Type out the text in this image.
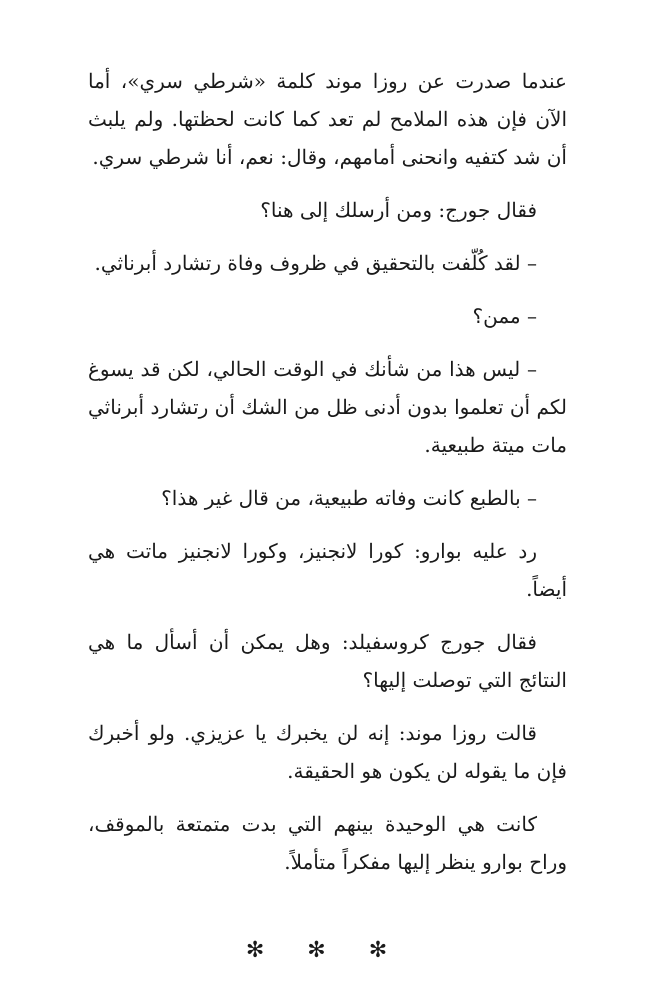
عندما صدرت عن روزا موند كلمة «شرطي سري»، أما الآن فإن هذه الملامح لم تعد كما كانت لحظتها. ولم يلبث أن شد كتفيه وانحنى أمامهم، وقال: نعم، أنا شرطي سري.

فقال جورج: ومن أرسلك إلى هنا؟

– لقد كُلّفت بالتحقيق في ظروف وفاة رتشارد أبرناثي.

– ممن؟

– ليس هذا من شأنك في الوقت الحالي، لكن قد يسوغ لكم أن تعلموا بدون أدنى ظل من الشك أن رتشارد أبرناثي مات ميتة طبيعية.

– بالطبع كانت وفاته طبيعية، من قال غير هذا؟

رد عليه بوارو: كورا لانجنيز، وكورا لانجنيز ماتت هي أيضاً.

فقال جورج كروسفيلد: وهل يمكن أن أسأل ما هي النتائج التي توصلت إليها؟

قالت روزا موند: إنه لن يخبرك يا عزيزي. ولو أخبرك فإن ما يقوله لن يكون هو الحقيقة.

كانت هي الوحيدة بينهم التي بدت متمتعة بالموقف، وراح بوارو ينظر إليها مفكراً متأملاً.

✻ ✻ ✻
